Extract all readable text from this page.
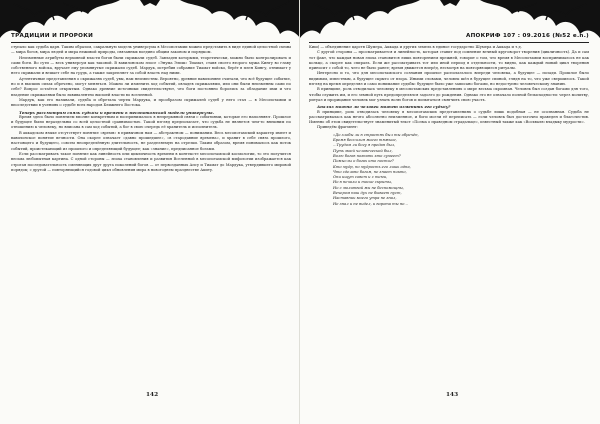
ТРАДИЦИИ И ПРОРОКИ

ступало как судьба царя. Таким образом, сакральную модель универсума в Месопотамии можно представить в виде единой целостной схемы — мира богов, мира людей и мира неживой природы, связанных воедино общим законом и порядком.

Неизменные атрибуты верховной власти богов были скрижали судеб. Завладев которыми, теоретически, можно было контролировать и сами боги. Во сути — весь универсум как таковой. В вавилонском эпосе «Энума Элиш» Тиамат, ставя своего второго мужа Кингу во главу собственного войска, вручает ему упомянутые скрижали судеб. Мардук, истребив собрание Тиамат войско, берёт в плен Кингу, отнимает у него скрижали и вешает себе на грудь, а также закрепляет за собой власть над ними.

Аутентичные представления о скрижалях судеб, увы, нам неизвестны. Вероятно, древние вавилоняне считали, что всё будущее событие, но и в высших силах обречено, могут меняться. Можно ли изменить ход событий, овладев скрижалями, или они были неизменны сами по себе? Вопрос остаётся открытым. Однако древние источники свидетельствуют, что боги постоянно боролись за обладание ими и что владение скрижалями было эквивалентно высшей власти во вселенной.

Мардук, как его называли, судьба и обретала черты Мардука, и прообразом скрижалей судеб у него стал — в Месопотамии и впоследствии в учениях о судьбе всех народов Ближнего Востока.

Теперь рассмотрим связь судьбы и времени в месопотамской модели универсума.

Время здесь было понятием вполне конкретным и воспринималось в непрерывной связи с событиями, которые его наполняют. Прошлое и будущее были нераздельны со всей целостной сравнимостью. Такой взгляд предполагает, что судьба не является чем-то внешним по отношению к человеку, но вписана в сам ход событий, а бог в свою очередь её хранитель и исполнитель.

В аккадском языке отсутствует понятие «время» в привычном нам — абстрактном — понимании. Весь месопотамский характер имеет и вавилонское понятие вечности. Она скорее означает «давно прошедшее», «в стародавние времена», и хранит в себе связь прошлого, настоящего и будущего, совсем неопределённую длительность, не разделяемую на отрезки. Таким образом, время понималось как поток событий, проистекающий из прошлого и определяющий будущее; как «знание», предписанное богами.

Если рассматривать такое понятие как линейность или цикличность времени в контексте месопотамской космологии, то это получится весьма любопытная картина. С одной стороны — эпоха становления и развития Вселенной в месопотамской мифологии изображается как строгая последовательность сменяющих друг друга поколений богов — от первозданных Апсу и Тиамат до Мардука, утвердившего мировой порядок; с другой — повторяющийся годовой цикл обновления мира в новогоднем празднестве Акиту.

142
АПОКРИФ 107 : 09.2016 (№52 e.n.)

Киш) — объединение царств Шумера, Аккада и других земель в единое государство Шумера и Аккада и т.д.

С другой стороны — просматривается и линейность, которая ставит под сомнение вечный круговорот творения (цикличность). Да и сам тот факт, что каждая новая эпоха становится лишь повторением прежней, говорит о том, что время в Месопотамии воспринималось не как кольцо, а скорее как спираль. Если же рассматривать тот или иной период в отдельности, то видно, как каждый новый цикл творения приносит с собой то, чего не было ранее; время движется вперёд, несмотря на повторяющиеся ритуалы.

Интересно и то, что для месопотамского сознания прошлое располагалось впереди человека, а будущее — позади. Прошлое было видимым, известным, а будущее скрыто от взора. Иными словами, человек шёл в будущее спиной, глядя на то, что уже свершилось. Такой взгляд на время определял и само понимание судьбы: будущее было уже записано богами, но недоступно человеческому знанию.

В принципе, роль отводилась человеку в месопотамских представлениях о мире весьма скромная. Человек был создан богами для того, чтобы служить им, и его земной путь предопределялся задолго до рождения. Однако это не означало полной безысходности: через молитву, ритуал и прорицание человек мог узнать волю богов и попытаться смягчить свою участь.

Анализ можно ли человек может изменить его судьбу?

В принципе, роль отводилась человеку в месопотамских представлениях о судьбе лишь подобная — не осознанная. Судьба не рассматривалась как нечто абсолютно неизменное, и боги могли её переписать — если человек был достаточно праведен и благочестив. Именно об этом свидетельствует знаменитый текст «Поэма о праведном страдальце», известный также как «Восхвалю владыку мудрости».

Приведём фрагмент:

«До злобы ли в страстях был ты обречён,
Бремя бессилия моего тяжкое,
...Трудом ли богу я предан был,
Путь моей человеческой был,
Волю богов познать кто сумеет?
Помыслы о богах кто постиг?
Кто мудр, но мудрость его лишь одна,
Что сделано богом, не знает никто,
Они ищут совет и с теми,
Но в печали и тоске скрыты,
Но с молитвой мы не беспомощны,
Вечером наш дух не бывает пуст,
Наставник моего утра не знал,
Не знал и не видел, и ворота ты не...
143
